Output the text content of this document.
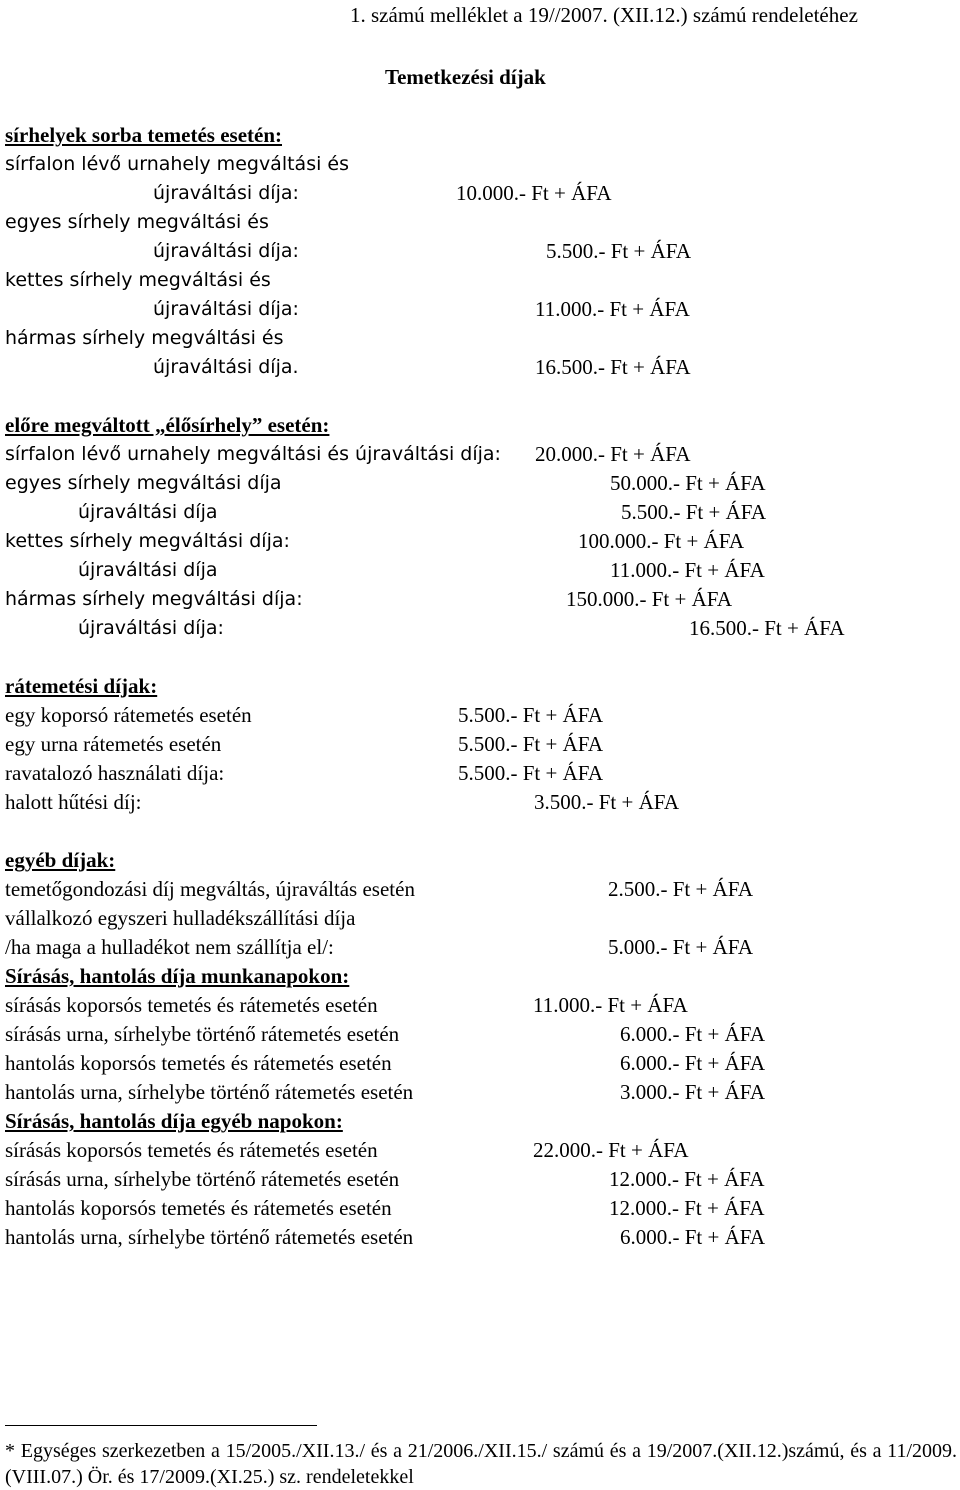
1. számú melléklet a 19//2007. (XII.12.) számú rendeletéhez
Temetkezési díjak
sírhelyek sorba temetés esetén:
sírfalon lévő urnahely megváltási és
újraváltási díja:	10.000.- Ft + ÁFA
egyes sírhely megváltási és
újraváltási díja:	5.500.- Ft + ÁFA
kettes sírhely megváltási és
újraváltási díja:	11.000.- Ft + ÁFA
hármas sírhely megváltási és
újraváltási díja.	16.500.- Ft + ÁFA
előre megváltott „élősírhely” esetén:
sírfalon lévő urnahely megváltási és újraváltási díja: 20.000.- Ft + ÁFA
egyes sírhely megváltási díja	50.000.- Ft + ÁFA
újraváltási díja	5.500.- Ft + ÁFA
kettes sírhely megváltási díja:	100.000.- Ft + ÁFA
újraváltási díja	11.000.- Ft + ÁFA
hármas sírhely megváltási díja:	150.000.- Ft + ÁFA
újraváltási díja:	16.500.- Ft + ÁFA
rátemetési díjak:
egy koporsó rátemetés esetén	5.500.- Ft + ÁFA
egy urna rátemetés esetén	5.500.- Ft + ÁFA
ravatalozó használati díja:	5.500.- Ft + ÁFA
halott hűtési díj:	3.500.- Ft + ÁFA
egyéb díjak:
temetőgondozási díj megváltás, újraváltás esetén	2.500.- Ft + ÁFA
vállalkozó egyszeri hulladékszállítási díja
/ha maga a hulladékot nem szállítja el/:	5.000.- Ft + ÁFA
Sírásás, hantolás díja munkanapokon:
sírásás koporsós temetés és rátemetés esetén	11.000.- Ft + ÁFA
sírásás urna, sírhelybe történő rátemetés esetén	6.000.- Ft + ÁFA
hantolás koporsós temetés és rátemetés esetén	6.000.- Ft + ÁFA
hantolás urna, sírhelybe történő rátemetés esetén	3.000.- Ft + ÁFA
Sírásás, hantolás díja egyéb napokon:
sírásás koporsós temetés és rátemetés esetén	22.000.- Ft + ÁFA
sírásás urna, sírhelybe történő rátemetés esetén	12.000.- Ft + ÁFA
hantolás koporsós temetés és rátemetés esetén	12.000.- Ft + ÁFA
hantolás urna, sírhelybe történő rátemetés esetén	6.000.- Ft + ÁFA
* Egységes szerkezetben a 15/2005./XII.13./ és a 21/2006./XII.15./ számú és a 19/2007.(XII.12.)számú, és a 11/2009.(VIII.07.) Ör. és 17/2009.(XI.25.) sz. rendeletekkel
